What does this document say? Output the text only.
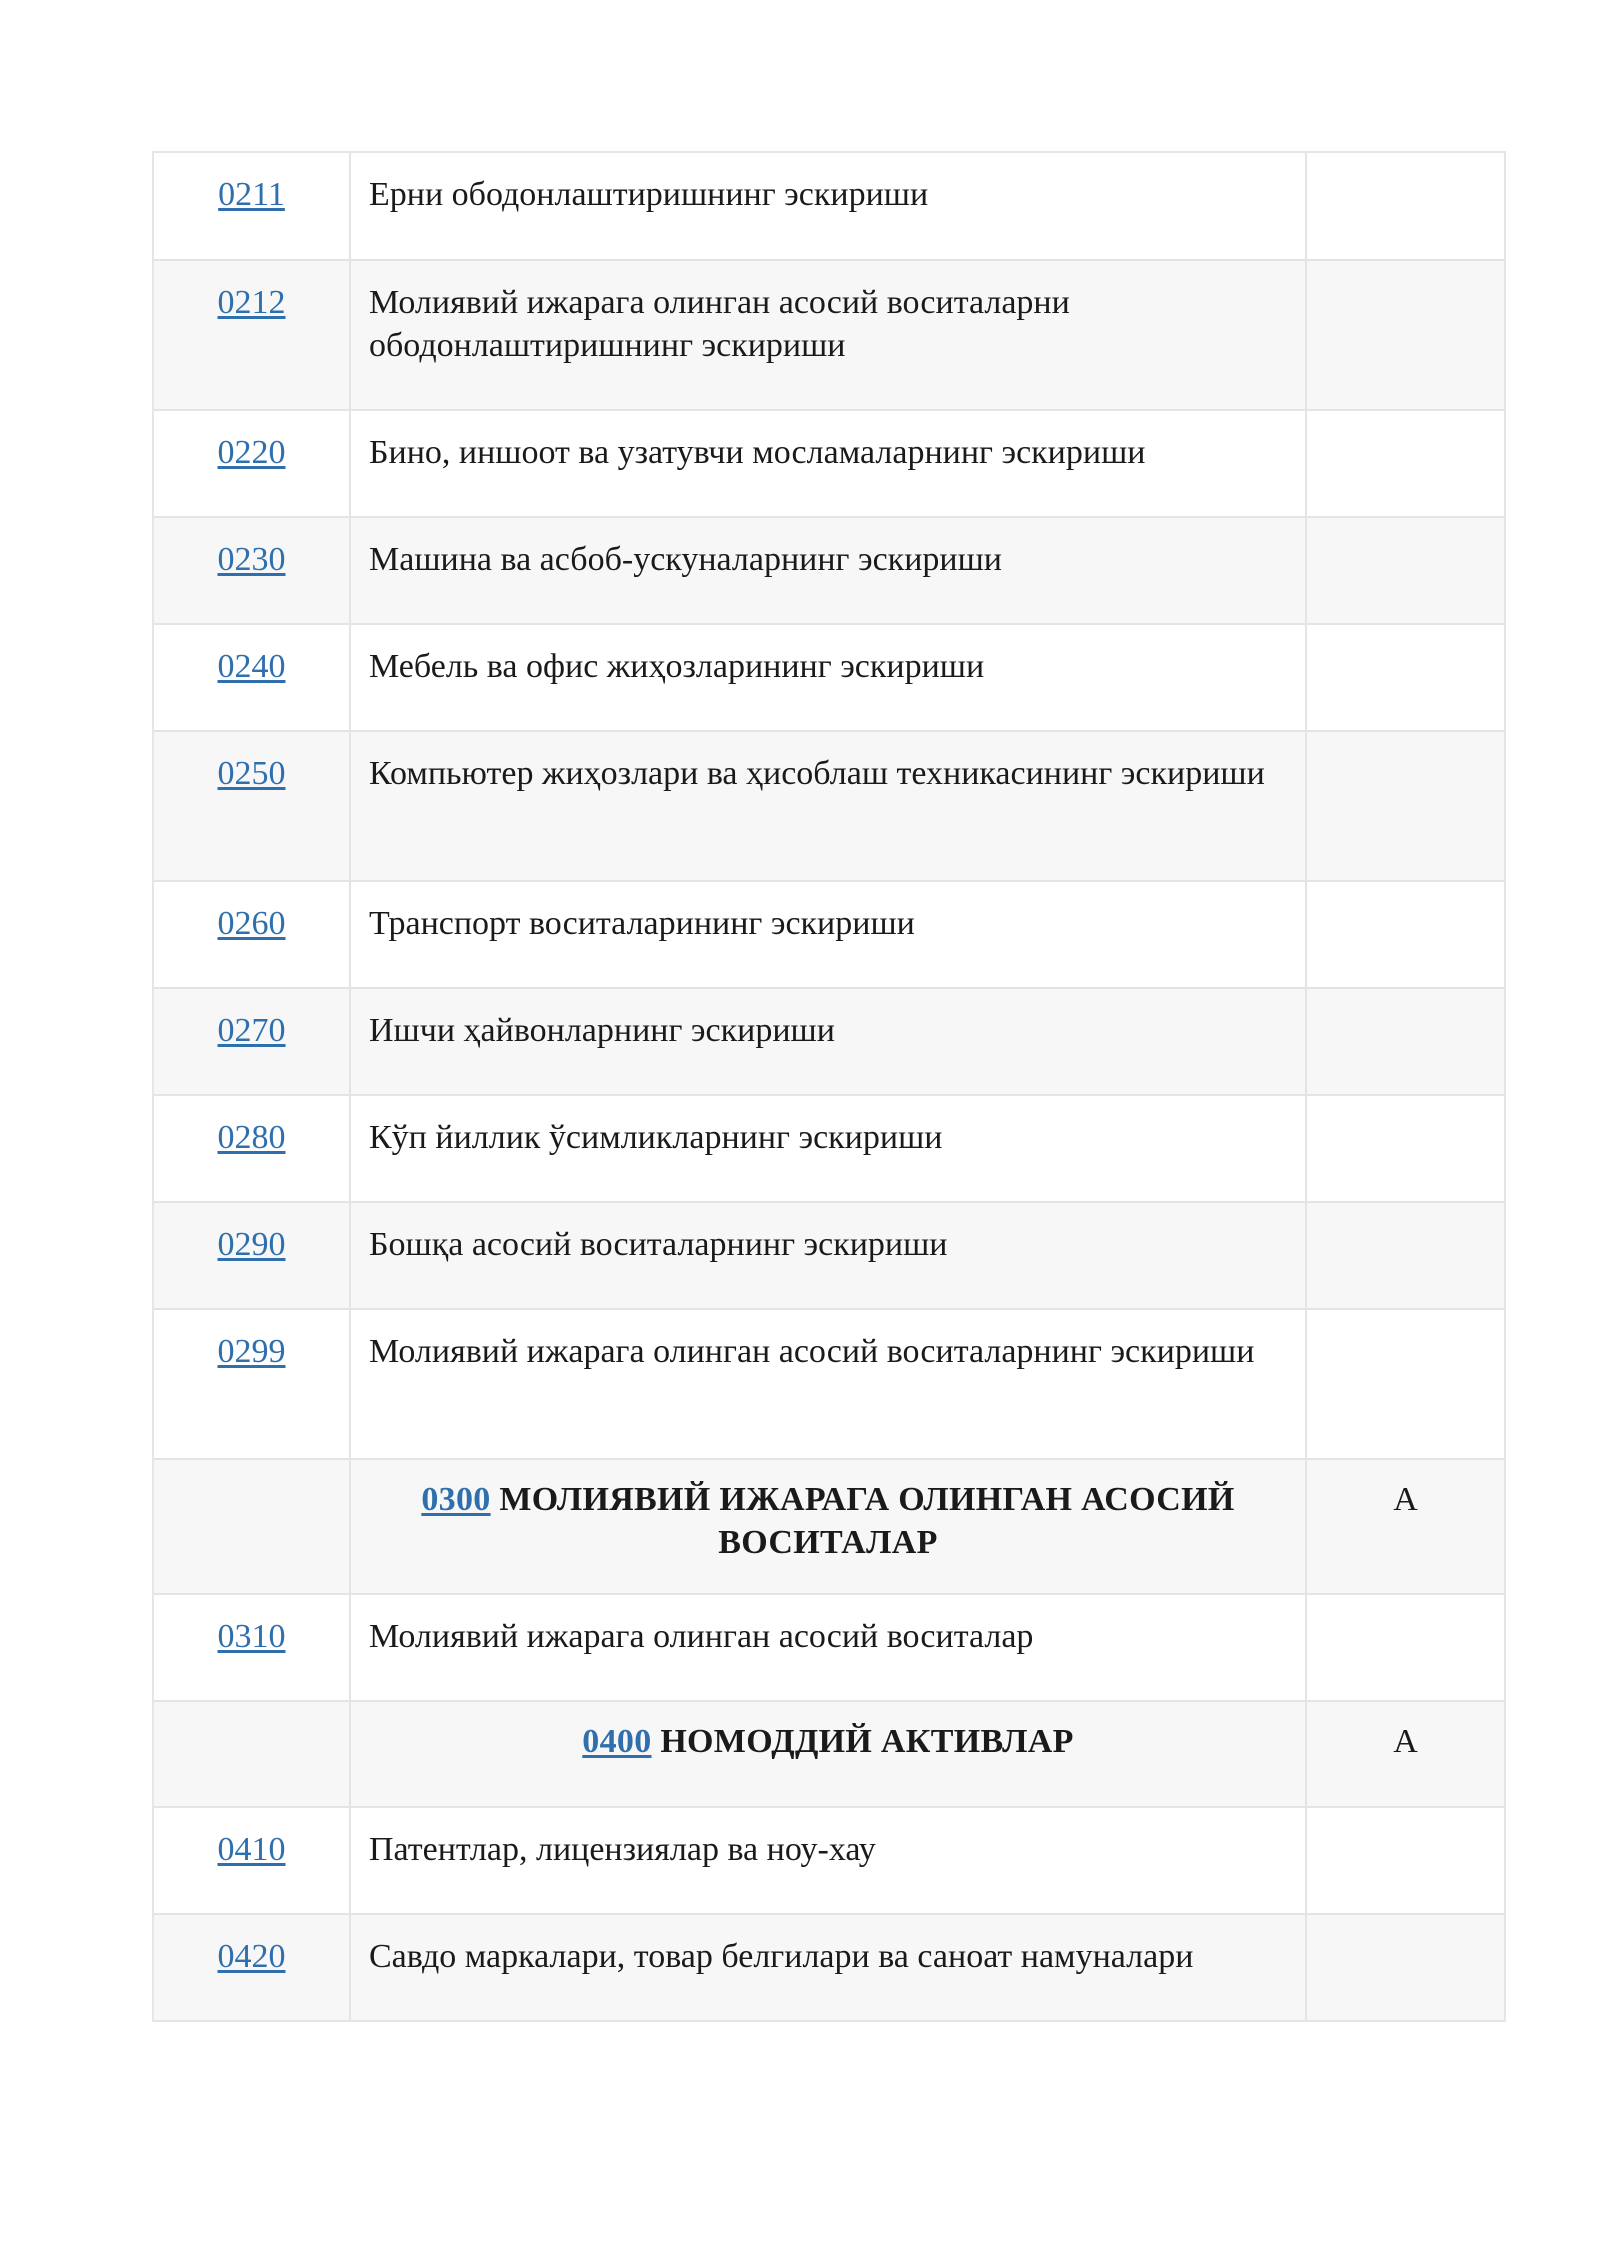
0211	Ерни ободонлаштиришнинг эскириши	
0212	Молиявий ижарага олинган асосий воситаларни ободонлаштиришнинг эскириши	
0220	Бино, иншоот ва узатувчи мосламаларнинг эскириши	
0230	Машина ва асбоб-ускуналарнинг эскириши	
0240	Мебель ва офис жиҳозларининг эскириши	
0250	Компьютер жиҳозлари ва ҳисоблаш техникасининг эскириши	
0260	Транспорт воситаларининг эскириши	
0270	Ишчи ҳайвонларнинг эскириши	
0280	Кўп йиллик ўсимликларнинг эскириши	
0290	Бошқа асосий воситаларнинг эскириши	
0299	Молиявий ижарага олинган асосий воситаларнинг эскириши	
	0300 МОЛИЯВИЙ ИЖАРАГА ОЛИНГАН АСОСИЙ ВОСИТАЛАР	А
0310	Молиявий ижарага олинган асосий воситалар	
	0400 НОМОДДИЙ АКТИВЛАР	А
0410	Патентлар, лицензиялар ва ноу-хау	
0420	Савдо маркалари, товар белгилари ва саноат намуналари	
